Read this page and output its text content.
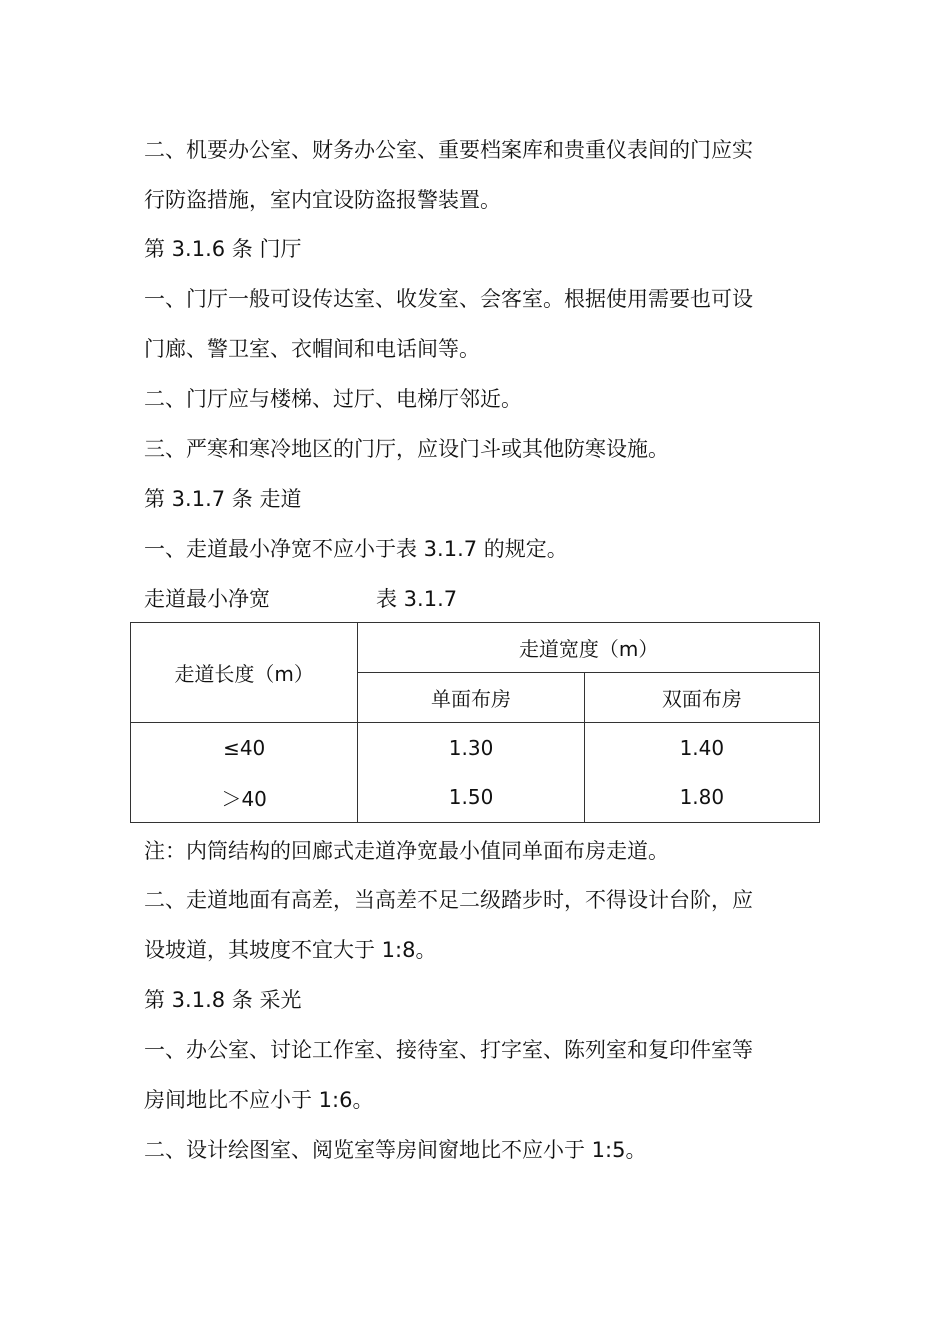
二、机要办公室、财务办公室、重要档案库和贵重仪表间的门应实
行防盗措施，室内宜设防盗报警装置。
第 3.1.6 条 门厅
一、门厅一般可设传达室、收发室、会客室。根据使用需要也可设
门廊、警卫室、衣帽间和电话间等。
二、门厅应与楼梯、过厅、电梯厅邻近。
三、严寒和寒冷地区的门厅，应设门斗或其他防寒设施。
第 3.1.7 条 走道
一、走道最小净宽不应小于表 3.1.7 的规定。
走道最小净宽	表 3.1.7
走道长度（m）	走道宽度（m）	
	单面布房	双面布房
≤40	1.30	1.40
＞40	1.50	1.80
注：内筒结构的回廊式走道净宽最小值同单面布房走道。
二、走道地面有高差，当高差不足二级踏步时，不得设计台阶，应
设坡道，其坡度不宜大于 1:8。
第 3.1.8 条 采光
一、办公室、讨论工作室、接待室、打字室、陈列室和复印件室等
房间地比不应小于 1:6。
二、设计绘图室、阅览室等房间窗地比不应小于 1:5。
